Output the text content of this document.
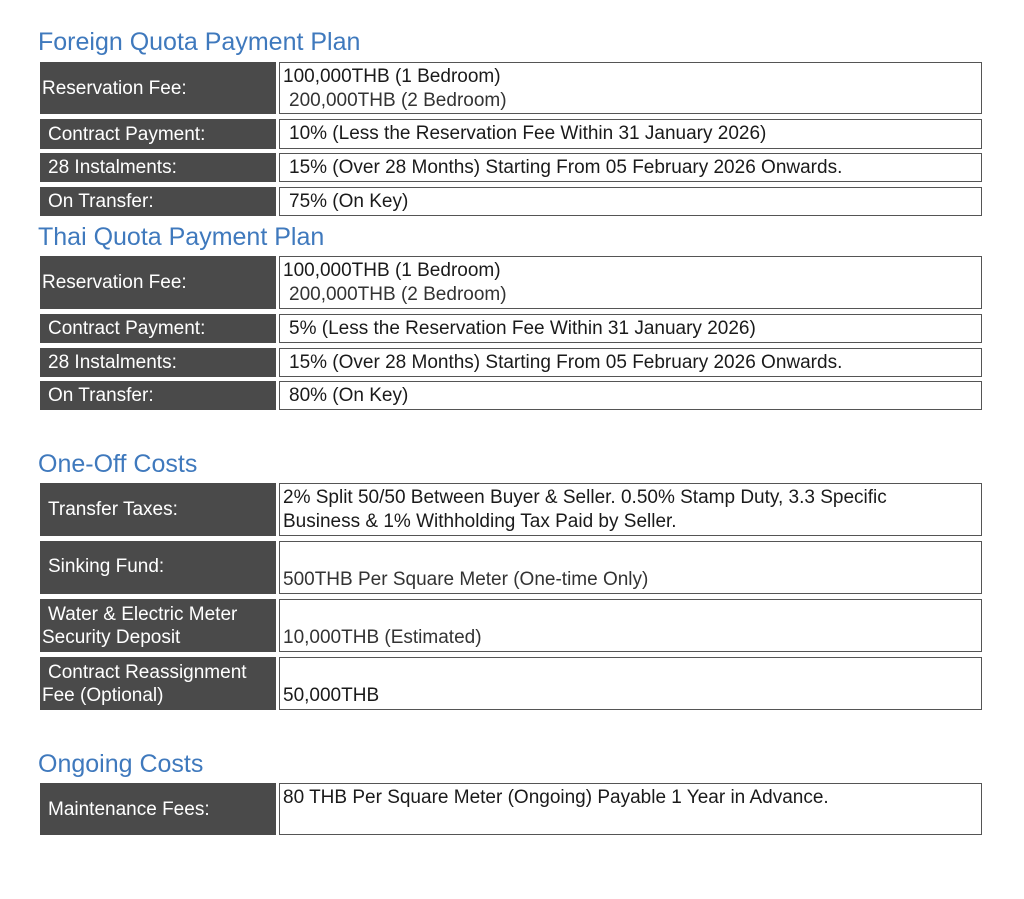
Foreign Quota Payment Plan
Reservation Fee:
100,000THB (1 Bedroom)
200,000THB (2 Bedroom)
Contract Payment:	10% (Less the Reservation Fee Within 31 January 2026)
28 Instalments:	15% (Over 28 Months) Starting From 05 February 2026 Onwards.
On Transfer:	75% (On Key)
Thai Quota Payment Plan
Reservation Fee:
100,000THB (1 Bedroom)
200,000THB (2 Bedroom)
Contract Payment:	5% (Less the Reservation Fee Within 31 January 2026)
28 Instalments:	15% (Over 28 Months) Starting From 05 February 2026 Onwards.
On Transfer:	80% (On Key)
One-Off Costs
Transfer Taxes:
2% Split 50/50 Between Buyer & Seller. 0.50% Stamp Duty, 3.3 Specific
Business & 1% Withholding Tax Paid by Seller.
Sinking Fund:
500THB Per Square Meter (One-time Only)
Water & Electric Meter
Security Deposit	10,000THB (Estimated)
Contract Reassignment
Fee (Optional)	50,000THB
Ongoing Costs
Maintenance Fees:
80 THB Per Square Meter (Ongoing) Payable 1 Year in Advance.
